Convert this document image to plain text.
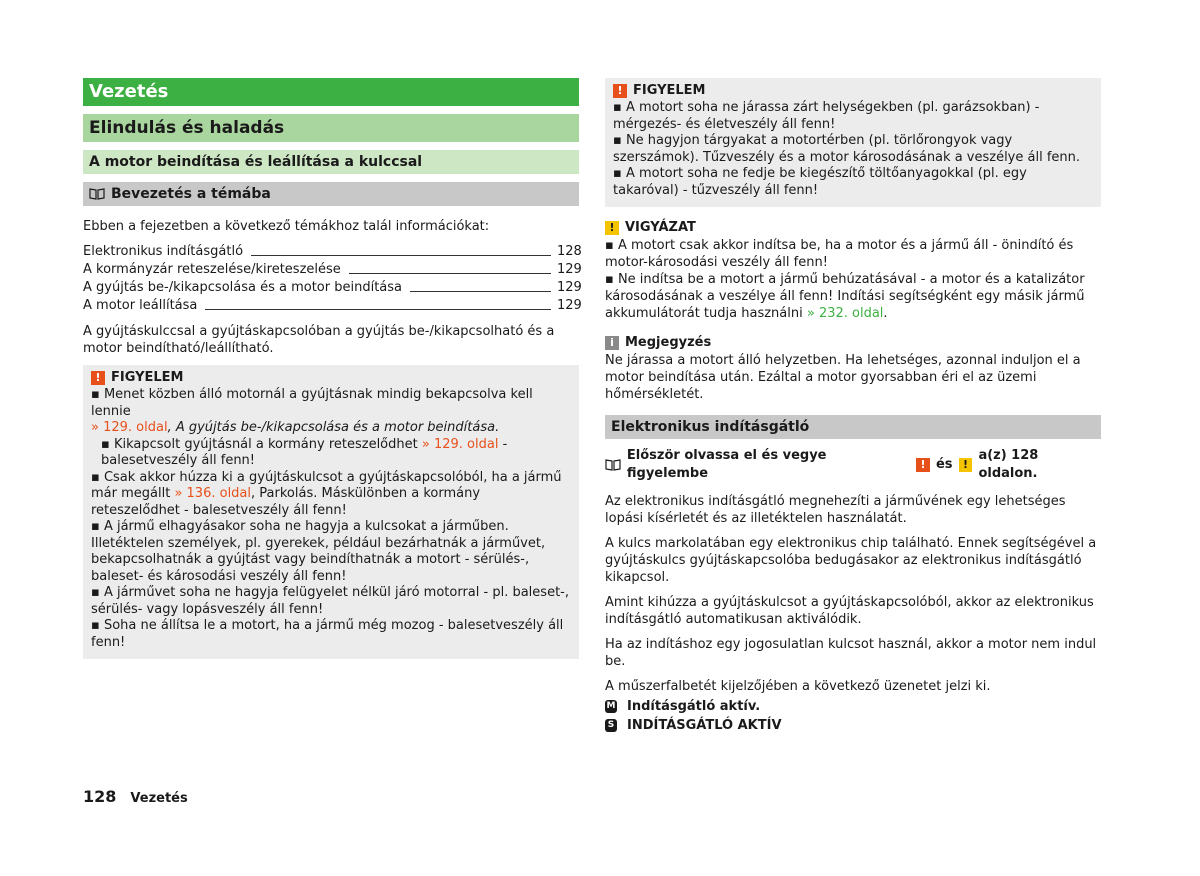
Vezetés
Elindulás és haladás
A motor beindítása és leállítása a kulccsal
Bevezetés a témába

Ebben a fejezetben a következő témákhoz talál információkat:

Elektronikus indításgátló	128
A kormányzár reteszelése/kireteszelése	129
A gyújtás be-/kikapcsolása és a motor beindítása	129
A motor leállítása	129

A gyújtáskulccsal a gyújtáskapcsolóban a gyújtás be-/kikapcsolható és a motor beindítható/leállítható.

! FIGYELEM

▪ Menet közben álló motornál a gyújtásnak mindig bekapcsolva kell lennie
» 129. oldal, A gyújtás be-/kikapcsolása és a motor beindítása.

▪ Kikapcsolt gyújtásnál a kormány reteszelődhet » 129. oldal - balesetveszély áll fenn!

▪ Csak akkor húzza ki a gyújtáskulcsot a gyújtáskapcsolóból, ha a jármű már megállt » 136. oldal, Parkolás. Máskülönben a kormány reteszelődhet - balesetveszély áll fenn!

▪ A jármű elhagyásakor soha ne hagyja a kulcsokat a járműben. Illetéktelen személyek, pl. gyerekek, például bezárhatnák a járművet, bekapcsolhatnák a gyújtást vagy beindíthatnák a motort - sérülés-, baleset- és károsodási veszély áll fenn!

▪ A járművet soha ne hagyja felügyelet nélkül járó motorral - pl. baleset-, sérülés- vagy lopásveszély áll fenn!

▪ Soha ne állítsa le a motort, ha a jármű még mozog - balesetveszély áll fenn!

! FIGYELEM

▪ A motort soha ne járassa zárt helységekben (pl. garázsokban) - mérgezés- és életveszély áll fenn!

▪ Ne hagyjon tárgyakat a motortérben (pl. törlőrongyok vagy szerszámok). Tűzveszély és a motor károsodásának a veszélye áll fenn.

▪ A motort soha ne fedje be kiegészítő töltőanyagokkal (pl. egy takaróval) - tűzveszély áll fenn!

! VIGYÁZAT

▪ A motort csak akkor indítsa be, ha a motor és a jármű áll - önindító és motor-károsodási veszély áll fenn!

▪ Ne indítsa be a motort a jármű behúzatásával - a motor és a katalizátor károsodásának a veszélye áll fenn! Indítási segítségként egy másik jármű akkumulátorát tudja használni » 232. oldal.

i Megjegyzés

Ne járassa a motort álló helyzetben. Ha lehetséges, azonnal induljon el a motor beindítása után. Ezáltal a motor gyorsabban éri el az üzemi hőmérsékletét.

Elektronikus indításgátló
Először olvassa el és vegye figyelembe
! és !
a(z) 128 oldalon.

Az elektronikus indításgátló megnehezíti a járművének egy lehetséges lopási kísérletét és az illetéktelen használatát.

A kulcs markolatában egy elektronikus chip található. Ennek segítségével a gyújtáskulcs gyújtáskapcsolóba bedugásakor az elektronikus indításgátló kikapcsol.

Amint kihúzza a gyújtáskulcsot a gyújtáskapcsolóból, akkor az elektronikus indításgátló automatikusan aktiválódik.

Ha az indításhoz egy jogosulatlan kulcsot használ, akkor a motor nem indul be.

A műszerfalbetét kijelzőjében a következő üzenetet jelzi ki.

M Indításgátló aktív.
S INDÍTÁSGÁTLÓ AKTÍV
128 Vezetés
